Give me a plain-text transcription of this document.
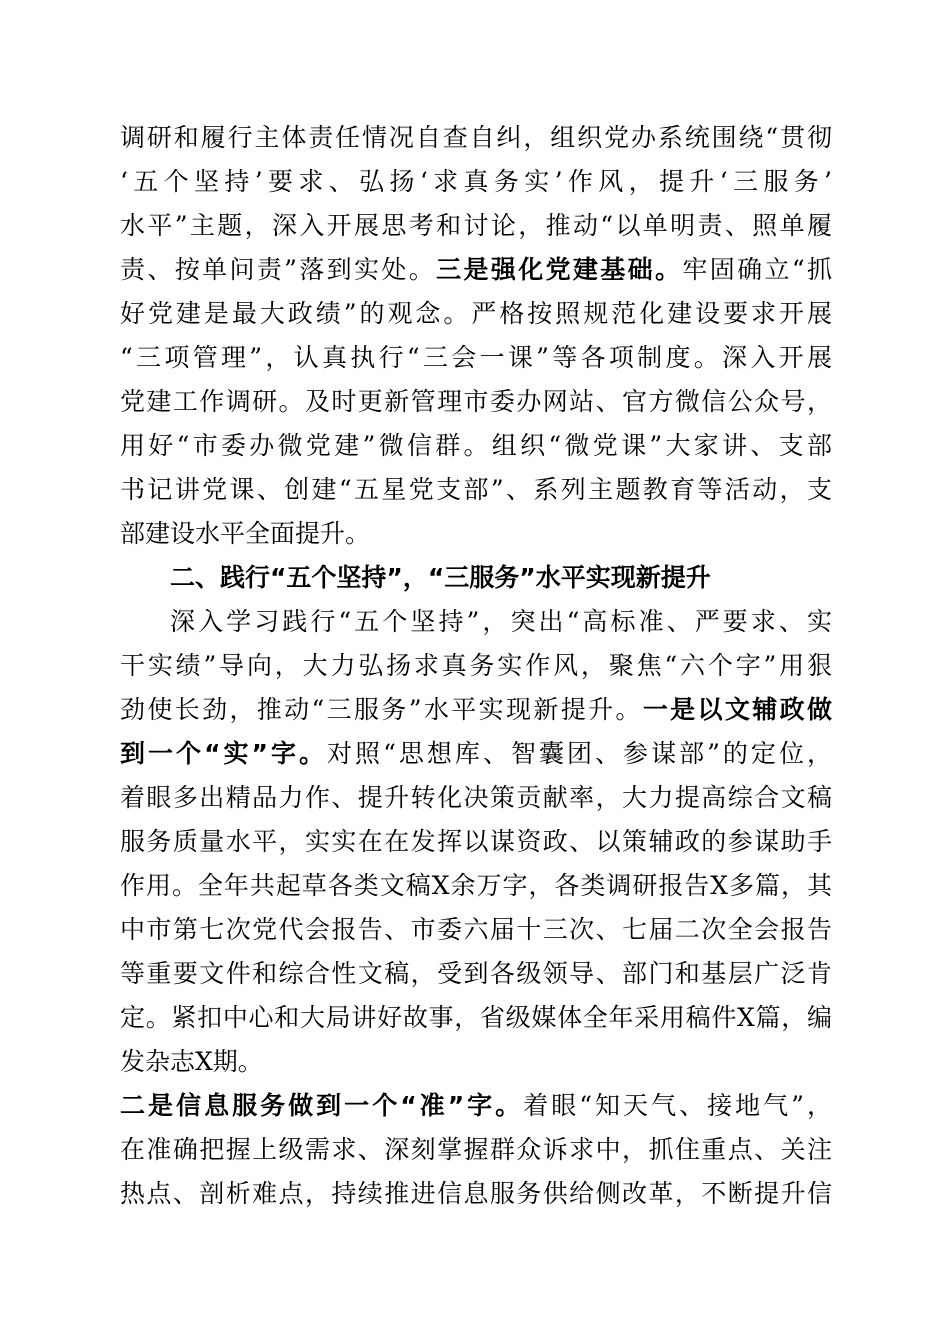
调研和履行主体责任情况自查自纠，组织党办系统围绕“贯彻
‘五个坚持’要求、弘扬‘求真务实’作风，提升‘三服务’
水平”主题，深入开展思考和讨论，推动“以单明责、照单履
责、按单问责”落到实处。三是强化党建基础。牢固确立“抓
好党建是最大政绩”的观念。严格按照规范化建设要求开展
“三项管理”，认真执行“三会一课”等各项制度。深入开展
党建工作调研。及时更新管理市委办网站、官方微信公众号，
用好“市委办微党建”微信群。组织“微党课”大家讲、支部
书记讲党课、创建“五星党支部”、系列主题教育等活动，支
部建设水平全面提升。
二、践行“五个坚持”，“三服务”水平实现新提升
深入学习践行“五个坚持”，突出“高标准、严要求、实
干实绩”导向，大力弘扬求真务实作风，聚焦“六个字”用狠
劲使长劲，推动“三服务”水平实现新提升。一是以文辅政做
到一个“实”字。对照“思想库、智囊团、参谋部”的定位，
着眼多出精品力作、提升转化决策贡献率，大力提高综合文稿
服务质量水平，实实在在发挥以谋资政、以策辅政的参谋助手
作用。全年共起草各类文稿X余万字，各类调研报告X多篇，其
中市第七次党代会报告、市委六届十三次、七届二次全会报告
等重要文件和综合性文稿，受到各级领导、部门和基层广泛肯
定。紧扣中心和大局讲好故事，省级媒体全年采用稿件X篇，编
发杂志X期。
二是信息服务做到一个“准”字。着眼“知天气、接地气”，
在准确把握上级需求、深刻掌握群众诉求中，抓住重点、关注
热点、剖析难点，持续推进信息服务供给侧改革，不断提升信
